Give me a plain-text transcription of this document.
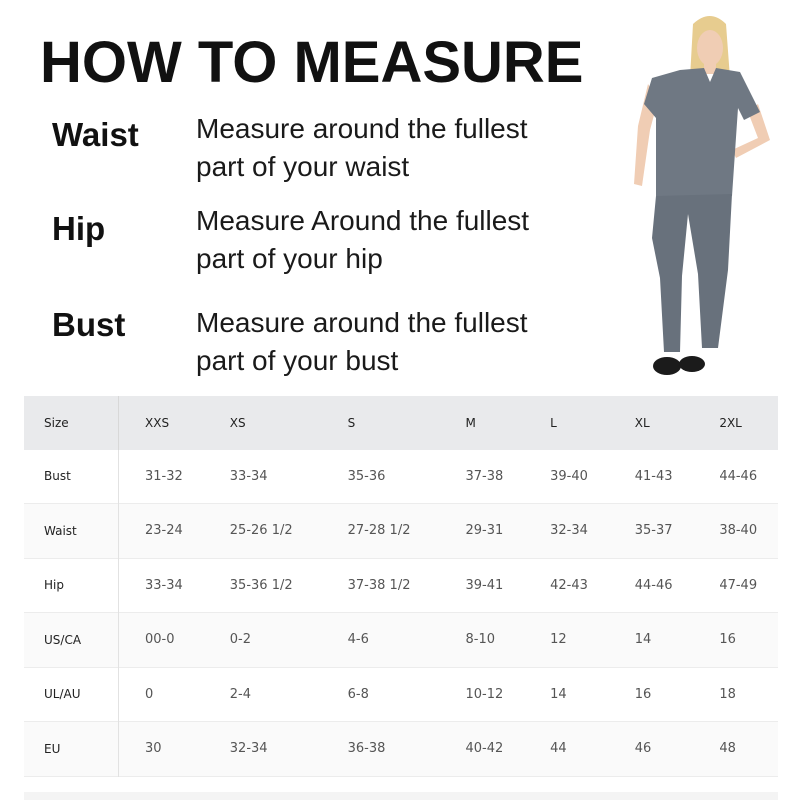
HOW TO MEASURE
Waist Measure around the fullest
part of your waist
Hip	Measure Around the fullest
part of your hip
Bust	Measure around the fullest
part of your bust
Size	XXS	XS	S	M	L	XL	2XL
Bust	31-32	33-34	35-36	37-38	39-40	41-43	44-46
Waist	23-24	25-26 1/2	27-28 1/2	29-31	32-34	35-37	38-40
Hip	33-34	35-36 1/2	37-38 1/2	39-41	42-43	44-46	47-49
US/CA	00-0	0-2	4-6	8-10	12	14	16
UL/AU	0	2-4	6-8	10-12	14	16	18
EU	30	32-34	36-38	40-42	44	46	48
